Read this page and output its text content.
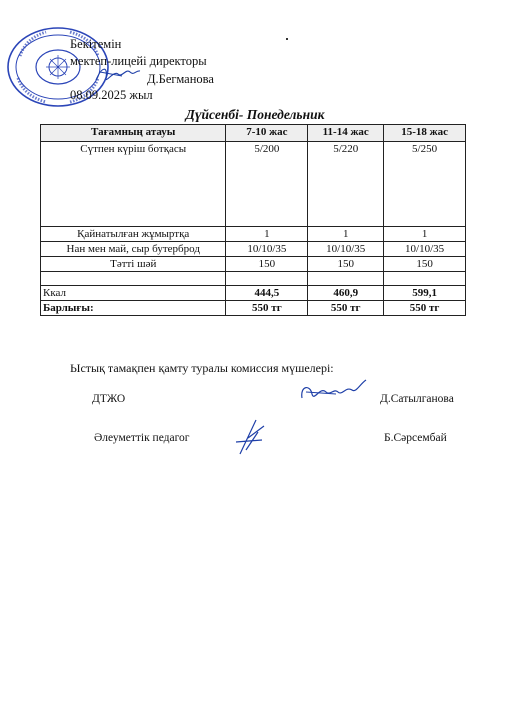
Бекітемін
мектеп-лицейі директоры
08.09.2025 жыл
Д.Бегманова
Дүйсенбі- Понедельник
Тағамның атауы	7-10 жас	11-14 жас	15-18 жас
Сүтпен күріш ботқасы	5/200	5/220	5/250
Қайнатылған жұмыртқа	1	1	1
Нан мен май, сыр бутерброд	10/10/35	10/10/35	10/10/35
Тәтті шәй	150	150	150

Ккал	444,5	460,9	599,1
Барлығы:	550 тг	550 тг	550 тг
Ыстық тамақпен қамту туралы комиссия мүшелері:
ДТЖО	Д.Сатылганова
Әлеуметтік педагог	Б.Сәрсембай
